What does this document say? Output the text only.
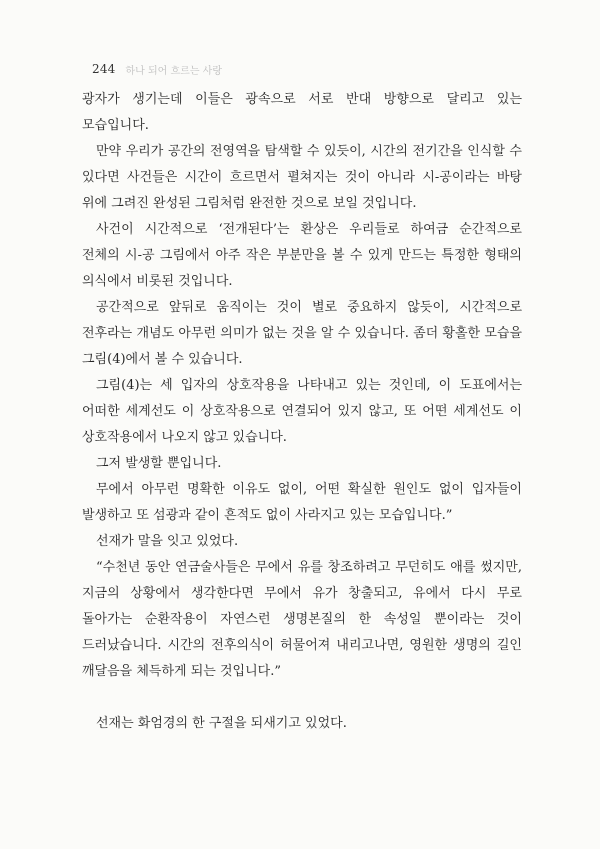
244 하나 되어 흐르는 사랑

광자가 생기는데 이들은 광속으로 서로 반대 방향으로 달리고 있는 모습입니다.

만약 우리가 공간의 전영역을 탐색할 수 있듯이, 시간의 전기간을 인식할 수 있다면 사건들은 시간이 흐르면서 펼쳐지는 것이 아니라 시-공이라는 바탕 위에 그려진 완성된 그림처럼 완전한 것으로 보일 것입니다.

사건이 시간적으로 ‘전개된다’는 환상은 우리들로 하여금 순간적으로 전체의 시-공 그림에서 아주 작은 부분만을 볼 수 있게 만드는 특정한 형태의 의식에서 비롯된 것입니다.

공간적으로 앞뒤로 움직이는 것이 별로 중요하지 않듯이, 시간적으로 전후라는 개념도 아무런 의미가 없는 것을 알 수 있습니다. 좀더 황홀한 모습을 그림(4)에서 볼 수 있습니다.

그림(4)는 세 입자의 상호작용을 나타내고 있는 것인데, 이 도표에서는 어떠한 세계선도 이 상호작용으로 연결되어 있지 않고, 또 어떤 세계선도 이 상호작용에서 나오지 않고 있습니다.

그저 발생할 뿐입니다.

무에서 아무런 명확한 이유도 없이, 어떤 확실한 원인도 없이 입자들이 발생하고 또 섬광과 같이 흔적도 없이 사라지고 있는 모습입니다.”

선재가 말을 잇고 있었다.

“수천년 동안 연금술사들은 무에서 유를 창조하려고 무던히도 애를 썼지만, 지금의 상황에서 생각한다면 무에서 유가 창출되고, 유에서 다시 무로 돌아가는 순환작용이 자연스런 생명본질의 한 속성일 뿐이라는 것이 드러났습니다. 시간의 전후의식이 허물어져 내리고나면, 영원한 생명의 길인 깨달음을 체득하게 되는 것입니다.”

선재는 화엄경의 한 구절을 되새기고 있었다.
